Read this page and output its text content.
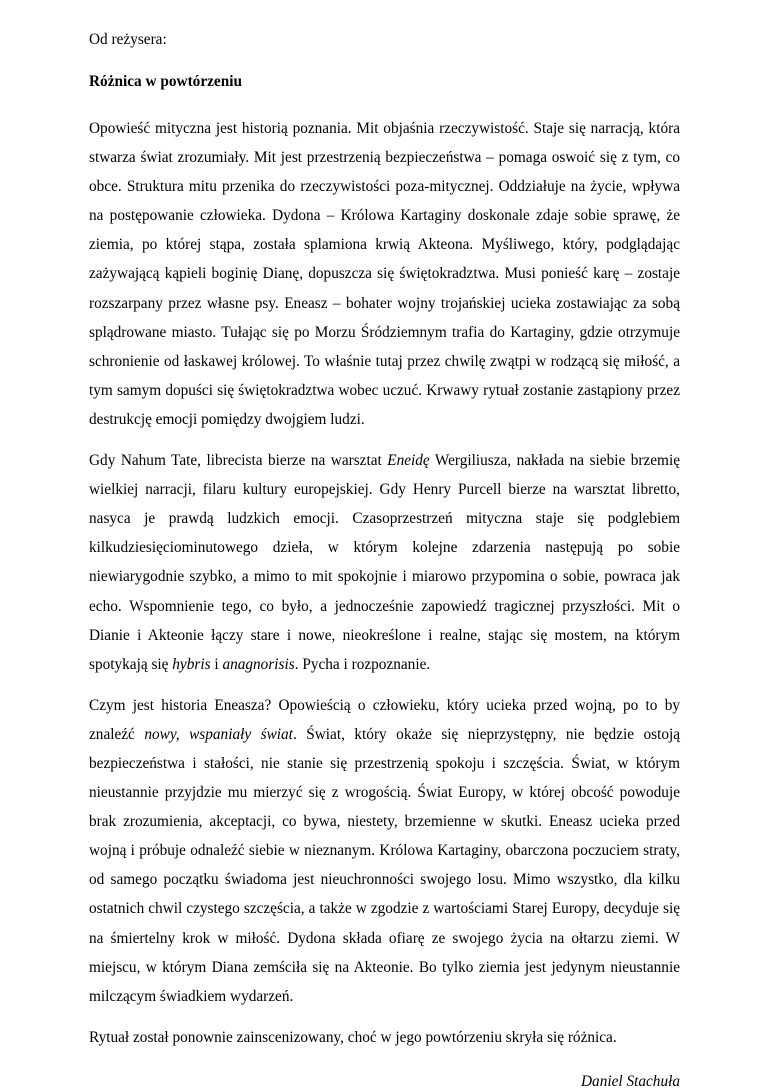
Od reżysera:
Różnica w powtórzeniu

Opowieść mityczna jest historią poznania. Mit objaśnia rzeczywistość. Staje się narracją, która stwarza świat zrozumiały. Mit jest przestrzenią bezpieczeństwa – pomaga oswoić się z tym, co obce. Struktura mitu przenika do rzeczywistości poza-mitycznej. Oddziałuje na życie, wpływa na postępowanie człowieka. Dydona – Królowa Kartaginy doskonale zdaje sobie sprawę, że ziemia, po której stąpa, została splamiona krwią Akteona. Myśliwego, który, podglądając zażywającą kąpieli boginię Dianę, dopuszcza się świętokradztwa. Musi ponieść karę – zostaje rozszarpany przez własne psy. Eneasz – bohater wojny trojańskiej ucieka zostawiając za sobą splądrowane miasto. Tułając się po Morzu Śródziemnym trafia do Kartaginy, gdzie otrzymuje schronienie od łaskawej królowej. To właśnie tutaj przez chwilę zwątpi w rodzącą się miłość, a tym samym dopuści się świętokradztwa wobec uczuć. Krwawy rytuał zostanie zastąpiony przez destrukcję emocji pomiędzy dwojgiem ludzi.

Gdy Nahum Tate, librecista bierze na warsztat Eneidę Wergiliusza, nakłada na siebie brzemię wielkiej narracji, filaru kultury europejskiej. Gdy Henry Purcell bierze na warsztat libretto, nasyca je prawdą ludzkich emocji. Czasoprzestrzeń mityczna staje się podglebiem kilkudziesięciominutowego dzieła, w którym kolejne zdarzenia następują po sobie niewiarygodnie szybko, a mimo to mit spokojnie i miarowo przypomina o sobie, powraca jak echo. Wspomnienie tego, co było, a jednocześnie zapowiedź tragicznej przyszłości. Mit o Dianie i Akteonie łączy stare i nowe, nieokreślone i realne, stając się mostem, na którym spotykają się hybris i anagnorisis. Pycha i rozpoznanie.

Czym jest historia Eneasza? Opowieścią o człowieku, który ucieka przed wojną, po to by znaleźć nowy, wspaniały świat. Świat, który okaże się nieprzystępny, nie będzie ostoją bezpieczeństwa i stałości, nie stanie się przestrzenią spokoju i szczęścia. Świat, w którym nieustannie przyjdzie mu mierzyć się z wrogością. Świat Europy, w której obcość powoduje brak zrozumienia, akceptacji, co bywa, niestety, brzemienne w skutki. Eneasz ucieka przed wojną i próbuje odnaleźć siebie w nieznanym. Królowa Kartaginy, obarczona poczuciem straty, od samego początku świadoma jest nieuchronności swojego losu. Mimo wszystko, dla kilku ostatnich chwil czystego szczęścia, a także w zgodzie z wartościami Starej Europy, decyduje się na śmiertelny krok w miłość. Dydona składa ofiarę ze swojego życia na ołtarzu ziemi. W miejscu, w którym Diana zemściła się na Akteonie. Bo tylko ziemia jest jedynym nieustannie milczącym świadkiem wydarzeń.

Rytuał został ponownie zainscenizowany, choć w jego powtórzeniu skryła się różnica.

Daniel Stachuła
